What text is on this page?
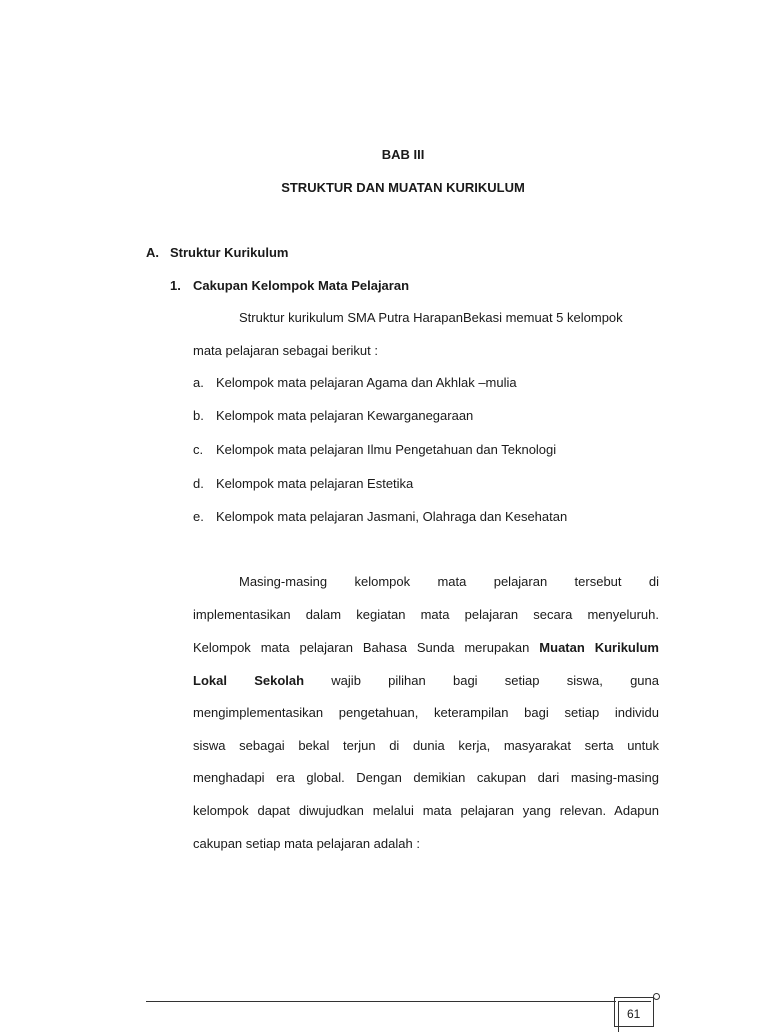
BAB III
STRUKTUR DAN MUATAN KURIKULUM
A. Struktur Kurikulum
1. Cakupan Kelompok Mata Pelajaran
Struktur kurikulum SMA Putra HarapanBekasi memuat 5 kelompok
mata pelajaran sebagai berikut :
a. Kelompok mata pelajaran Agama dan Akhlak –mulia
b. Kelompok mata pelajaran Kewarganegaraan
c. Kelompok mata pelajaran Ilmu Pengetahuan dan Teknologi
d. Kelompok mata pelajaran Estetika
e. Kelompok mata pelajaran Jasmani, Olahraga dan Kesehatan
Masing-masing kelompok mata pelajaran tersebut di
implementasikan dalam kegiatan mata pelajaran secara menyeluruh.
Kelompok mata pelajaran Bahasa Sunda merupakan Muatan Kurikulum
Lokal Sekolah wajib pilihan bagi setiap siswa, guna
mengimplementasikan pengetahuan, keterampilan bagi setiap individu
siswa sebagai bekal terjun di dunia kerja, masyarakat serta untuk
menghadapi era global. Dengan demikian cakupan dari masing-masing
kelompok dapat diwujudkan melalui mata pelajaran yang relevan. Adapun
cakupan setiap mata pelajaran adalah :
61
